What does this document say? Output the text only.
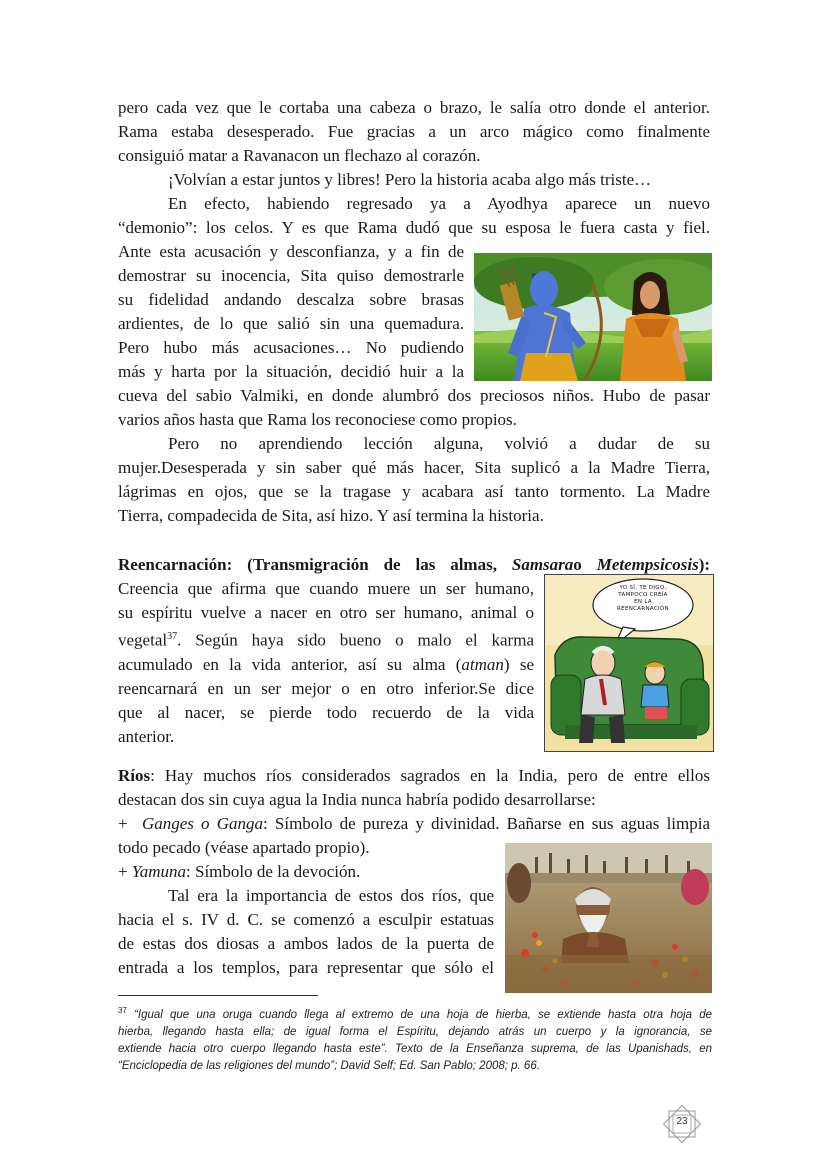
pero cada vez que le cortaba una cabeza o brazo, le salía otro donde el anterior.
Rama estaba desesperado. Fue gracias a un arco mágico como finalmente
consiguió matar a Ravanacon un flechazo al corazón.

¡Volvían a estar juntos y libres! Pero la historia acaba algo más triste…

En efecto, habiendo regresado ya a Ayodhya aparece un nuevo
“demonio”: los celos. Y es que Rama dudó que su esposa le fuera casta y fiel.
Ante esta acusación y desconfianza, y a fin de
demostrar su inocencia, Sita quiso demostrarle
su fidelidad andando descalza sobre brasas
ardientes, de lo que salió sin una quemadura.
Pero hubo más acusaciones… No pudiendo
más y harta por la situación, decidió huir a la
cueva del sabio Valmiki, en donde alumbró dos preciosos niños. Hubo de pasar
varios años hasta que Rama los reconociese como propios.
Pero no aprendiendo lección alguna, volvió a dudar de su
mujer.Desesperada y sin saber qué más hacer, Sita suplicó a la Madre Tierra,
lágrimas en ojos, que se la tragase y acabara así tanto tormento. La Madre
Tierra, compadecida de Sita, así hizo. Y así termina la historia.
Reencarnación: (Transmigración de las almas, Samsarao Metempsicosis):
Creencia que afirma que cuando muere un ser humano,
su espíritu vuelve a nacer en otro ser humano, animal o
vegetal$^{37}$. Según haya sido bueno o malo el karma
acumulado en la vida anterior, así su alma (atman) se
reencarnará en un ser mejor o en otro inferior.Se dice
que al nacer, se pierde todo recuerdo de la vida
anterior.
YO SÍ, TE DIGO,
TAMPOCO CREÍA
EN LA
REENCARNACIÓN
Ríos: Hay muchos ríos considerados sagrados en la India, pero de entre ellos
destacan dos sin cuya agua la India nunca habría podido desarrollarse:
+ Ganges o Ganga: Símbolo de pureza y divinidad. Bañarse en sus aguas limpia
todo pecado (véase apartado propio).
+ Yamuna: Símbolo de la devoción.
Tal era la importancia de estos dos ríos, que
hacia el s. IV d. C. se comenzó a esculpir estatuas
de estas dos diosas a ambos lados de la puerta de
entrada a los templos, para representar que sólo el
$^{37}$ “Igual que una oruga cuando llega al extremo de una hoja de hierba, se extiende hasta otra hoja de
hierba, llegando hasta ella; de igual forma el Espíritu, dejando atrás un cuerpo y la ignorancia, se
extiende hacia otro cuerpo llegando hasta este”. Texto de la Enseñanza suprema, de las Upanishads, en
“Enciclopedia de las religiones del mundo”; David Self; Ed. San Pablo; 2008; p. 66.
23
